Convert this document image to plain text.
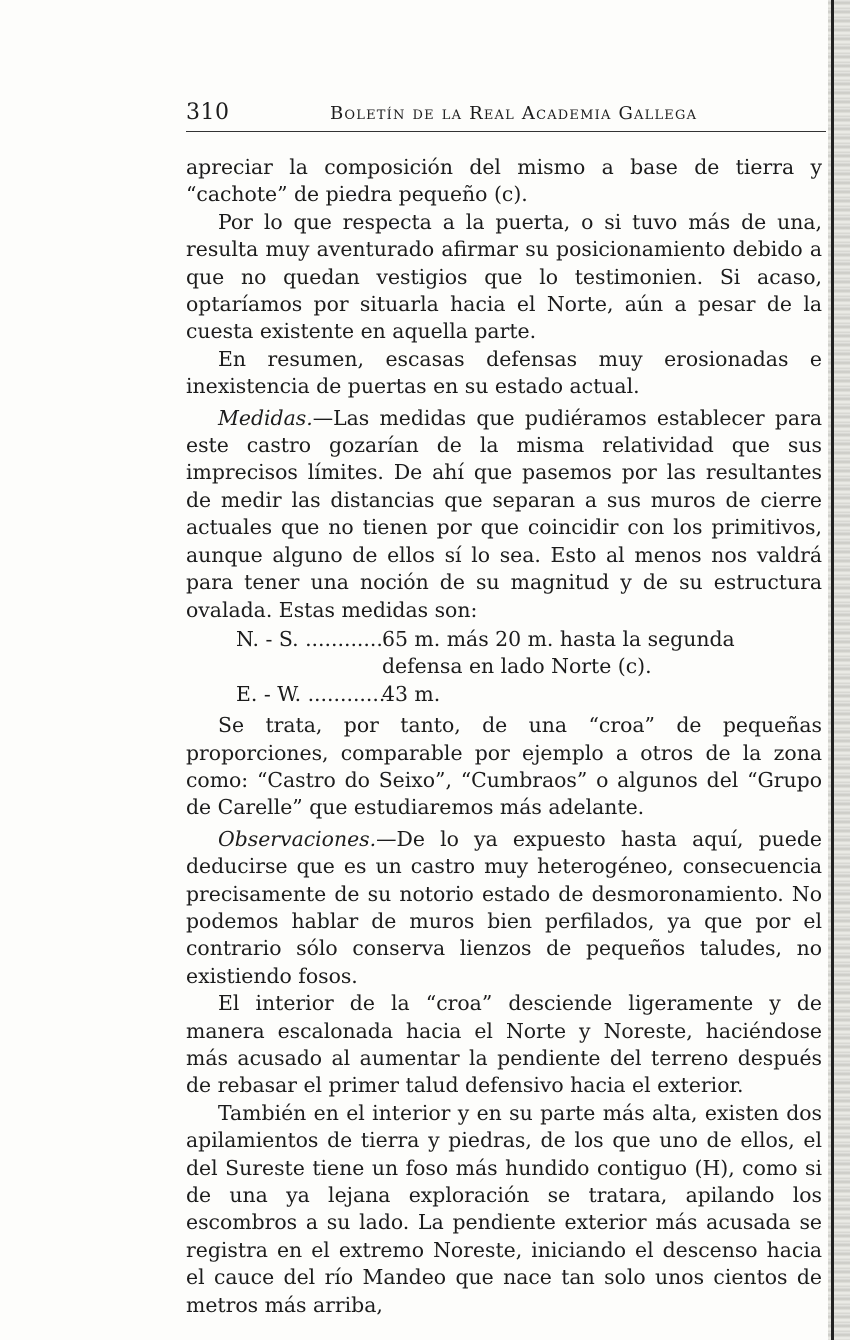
310	Boletín de la Real Academia Gallega

apreciar la composición del mismo a base de tierra y “cachote” de piedra pequeño (c).

Por lo que respecta a la puerta, o si tuvo más de una, resulta muy aventurado afirmar su posicionamiento debido a que no quedan vestigios que lo testimonien. Si acaso, optaríamos por situarla hacia el Norte, aún a pesar de la cuesta existente en aquella parte.

En resumen, escasas defensas muy erosionadas e inexistencia de puertas en su estado actual.

Medidas.—Las medidas que pudiéramos establecer para este castro gozarían de la misma relatividad que sus imprecisos límites. De ahí que pasemos por las resultantes de medir las distancias que separan a sus muros de cierre actuales que no tienen por que coincidir con los primitivos, aunque alguno de ellos sí lo sea. Esto al menos nos valdrá para tener una noción de su magnitud y de su estructura ovalada. Estas medidas son:

N. - S. ............ 65 m. más 20 m. hasta la segunda
defensa en lado Norte (c).
E. - W. ............
43 m.

Se trata, por tanto, de una “croa” de pequeñas proporciones, comparable por ejemplo a otros de la zona como: “Castro do Seixo”, “Cumbraos” o algunos del “Grupo de Carelle” que estudiaremos más adelante.

Observaciones.—De lo ya expuesto hasta aquí, puede deducirse que es un castro muy heterogéneo, consecuencia precisamente de su notorio estado de desmoronamiento. No podemos hablar de muros bien perfilados, ya que por el contrario sólo conserva lienzos de pequeños taludes, no existiendo fosos.

El interior de la “croa” desciende ligeramente y de manera escalonada hacia el Norte y Noreste, haciéndose más acusado al aumentar la pendiente del terreno después de rebasar el primer talud defensivo hacia el exterior.

También en el interior y en su parte más alta, existen dos apilamientos de tierra y piedras, de los que uno de ellos, el del Sureste tiene un foso más hundido contiguo (H), como si de una ya lejana exploración se tratara, apilando los escombros a su lado. La pendiente exterior más acusada se registra en el extremo Noreste, iniciando el descenso hacia el cauce del río Mandeo que nace tan solo unos cientos de metros más arriba,
